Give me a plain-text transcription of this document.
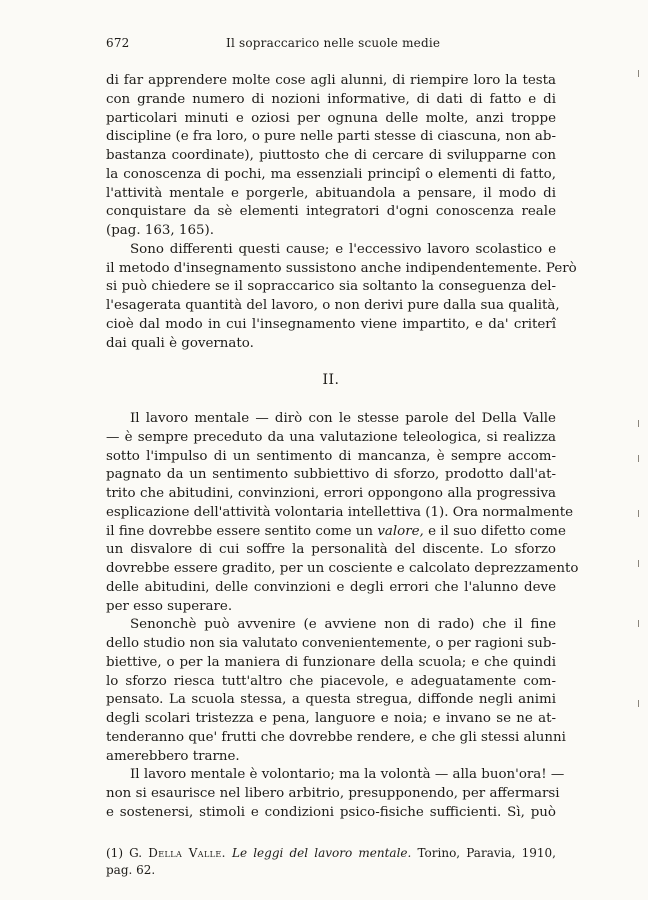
672	Il sopraccarico nelle scuole medie

di far apprendere molte cose agli alunni, di riempire loro la testa
con grande numero di nozioni informative, di dati di fatto e di
particolari minuti e oziosi per ognuna delle molte, anzi troppe
discipline (e fra loro, o pure nelle parti stesse di ciascuna, non ab-
bastanza coordinate), piuttosto che di cercare di svilupparne con
la conoscenza di pochi, ma essenziali principî o elementi di fatto,
l'attività mentale e porgerle, abituandola a pensare, il modo di
conquistare da sè elementi integratori d'ogni conoscenza reale
(pag. 163, 165).

Sono differenti questi cause; e l'eccessivo lavoro scolastico e
il metodo d'insegnamento sussistono anche indipendentemente. Però
si può chiedere se il sopraccarico sia soltanto la conseguenza del-
l'esagerata quantità del lavoro, o non derivi pure dalla sua qualità,
cioè dal modo in cui l'insegnamento viene impartito, e da' criterî
dai quali è governato.

II.

Il lavoro mentale — dirò con le stesse parole del Della Valle
— è sempre preceduto da una valutazione teleologica, si realizza
sotto l'impulso di un sentimento di mancanza, è sempre accom-
pagnato da un sentimento subbiettivo di sforzo, prodotto dall'at-
trito che abitudini, convinzioni, errori oppongono alla progressiva
esplicazione dell'attività volontaria intellettiva (1). Ora normalmente
il fine dovrebbe essere sentito come un valore, e il suo difetto come
un disvalore di cui soffre la personalità del discente. Lo sforzo
dovrebbe essere gradito, per un cosciente e calcolato deprezzamento
delle abitudini, delle convinzioni e degli errori che l'alunno deve
per esso superare.

Senonchè può avvenire (e avviene non di rado) che il fine
dello studio non sia valutato convenientemente, o per ragioni sub-
biettive, o per la maniera di funzionare della scuola; e che quindi
lo sforzo riesca tutt'altro che piacevole, e adeguatamente com-
pensato. La scuola stessa, a questa stregua, diffonde negli animi
degli scolari tristezza e pena, languore e noia; e invano se ne at-
tenderanno que' frutti che dovrebbe rendere, e che gli stessi alunni
amerebbero trarne.

Il lavoro mentale è volontario; ma la volontà — alla buon'ora! —
non si esaurisce nel libero arbitrio, presupponendo, per affermarsi
e sostenersi, stimoli e condizioni psico-fisiche sufficienti. Sì, può

(1) G. Della Valle. Le leggi del lavoro mentale. Torino, Paravia, 1910,
pag. 62.
